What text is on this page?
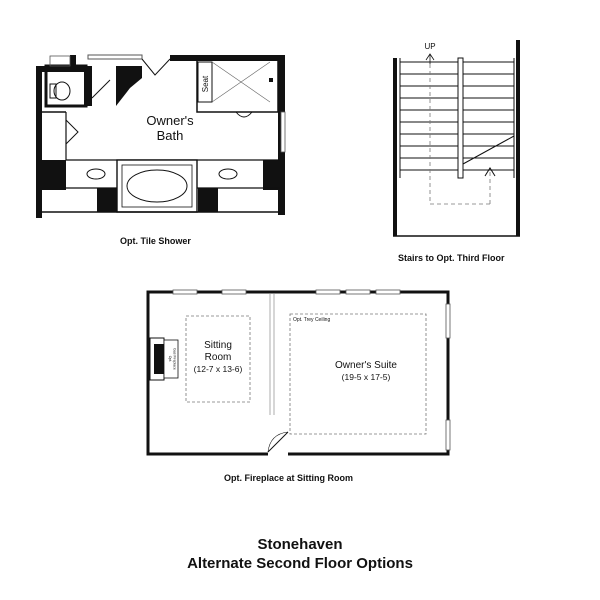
Owner's
Bath
Seat
UP
Sitting
Room
(12-7 x 13-6)
Opt. Gas Fireplace
Opt. Trey Ceiling
Owner's Suite
(19-5 x 17-5)
Opt. Tile Shower
Stairs to Opt. Third Floor
Opt. Fireplace at Sitting Room
Stonehaven
Alternate Second Floor Options
